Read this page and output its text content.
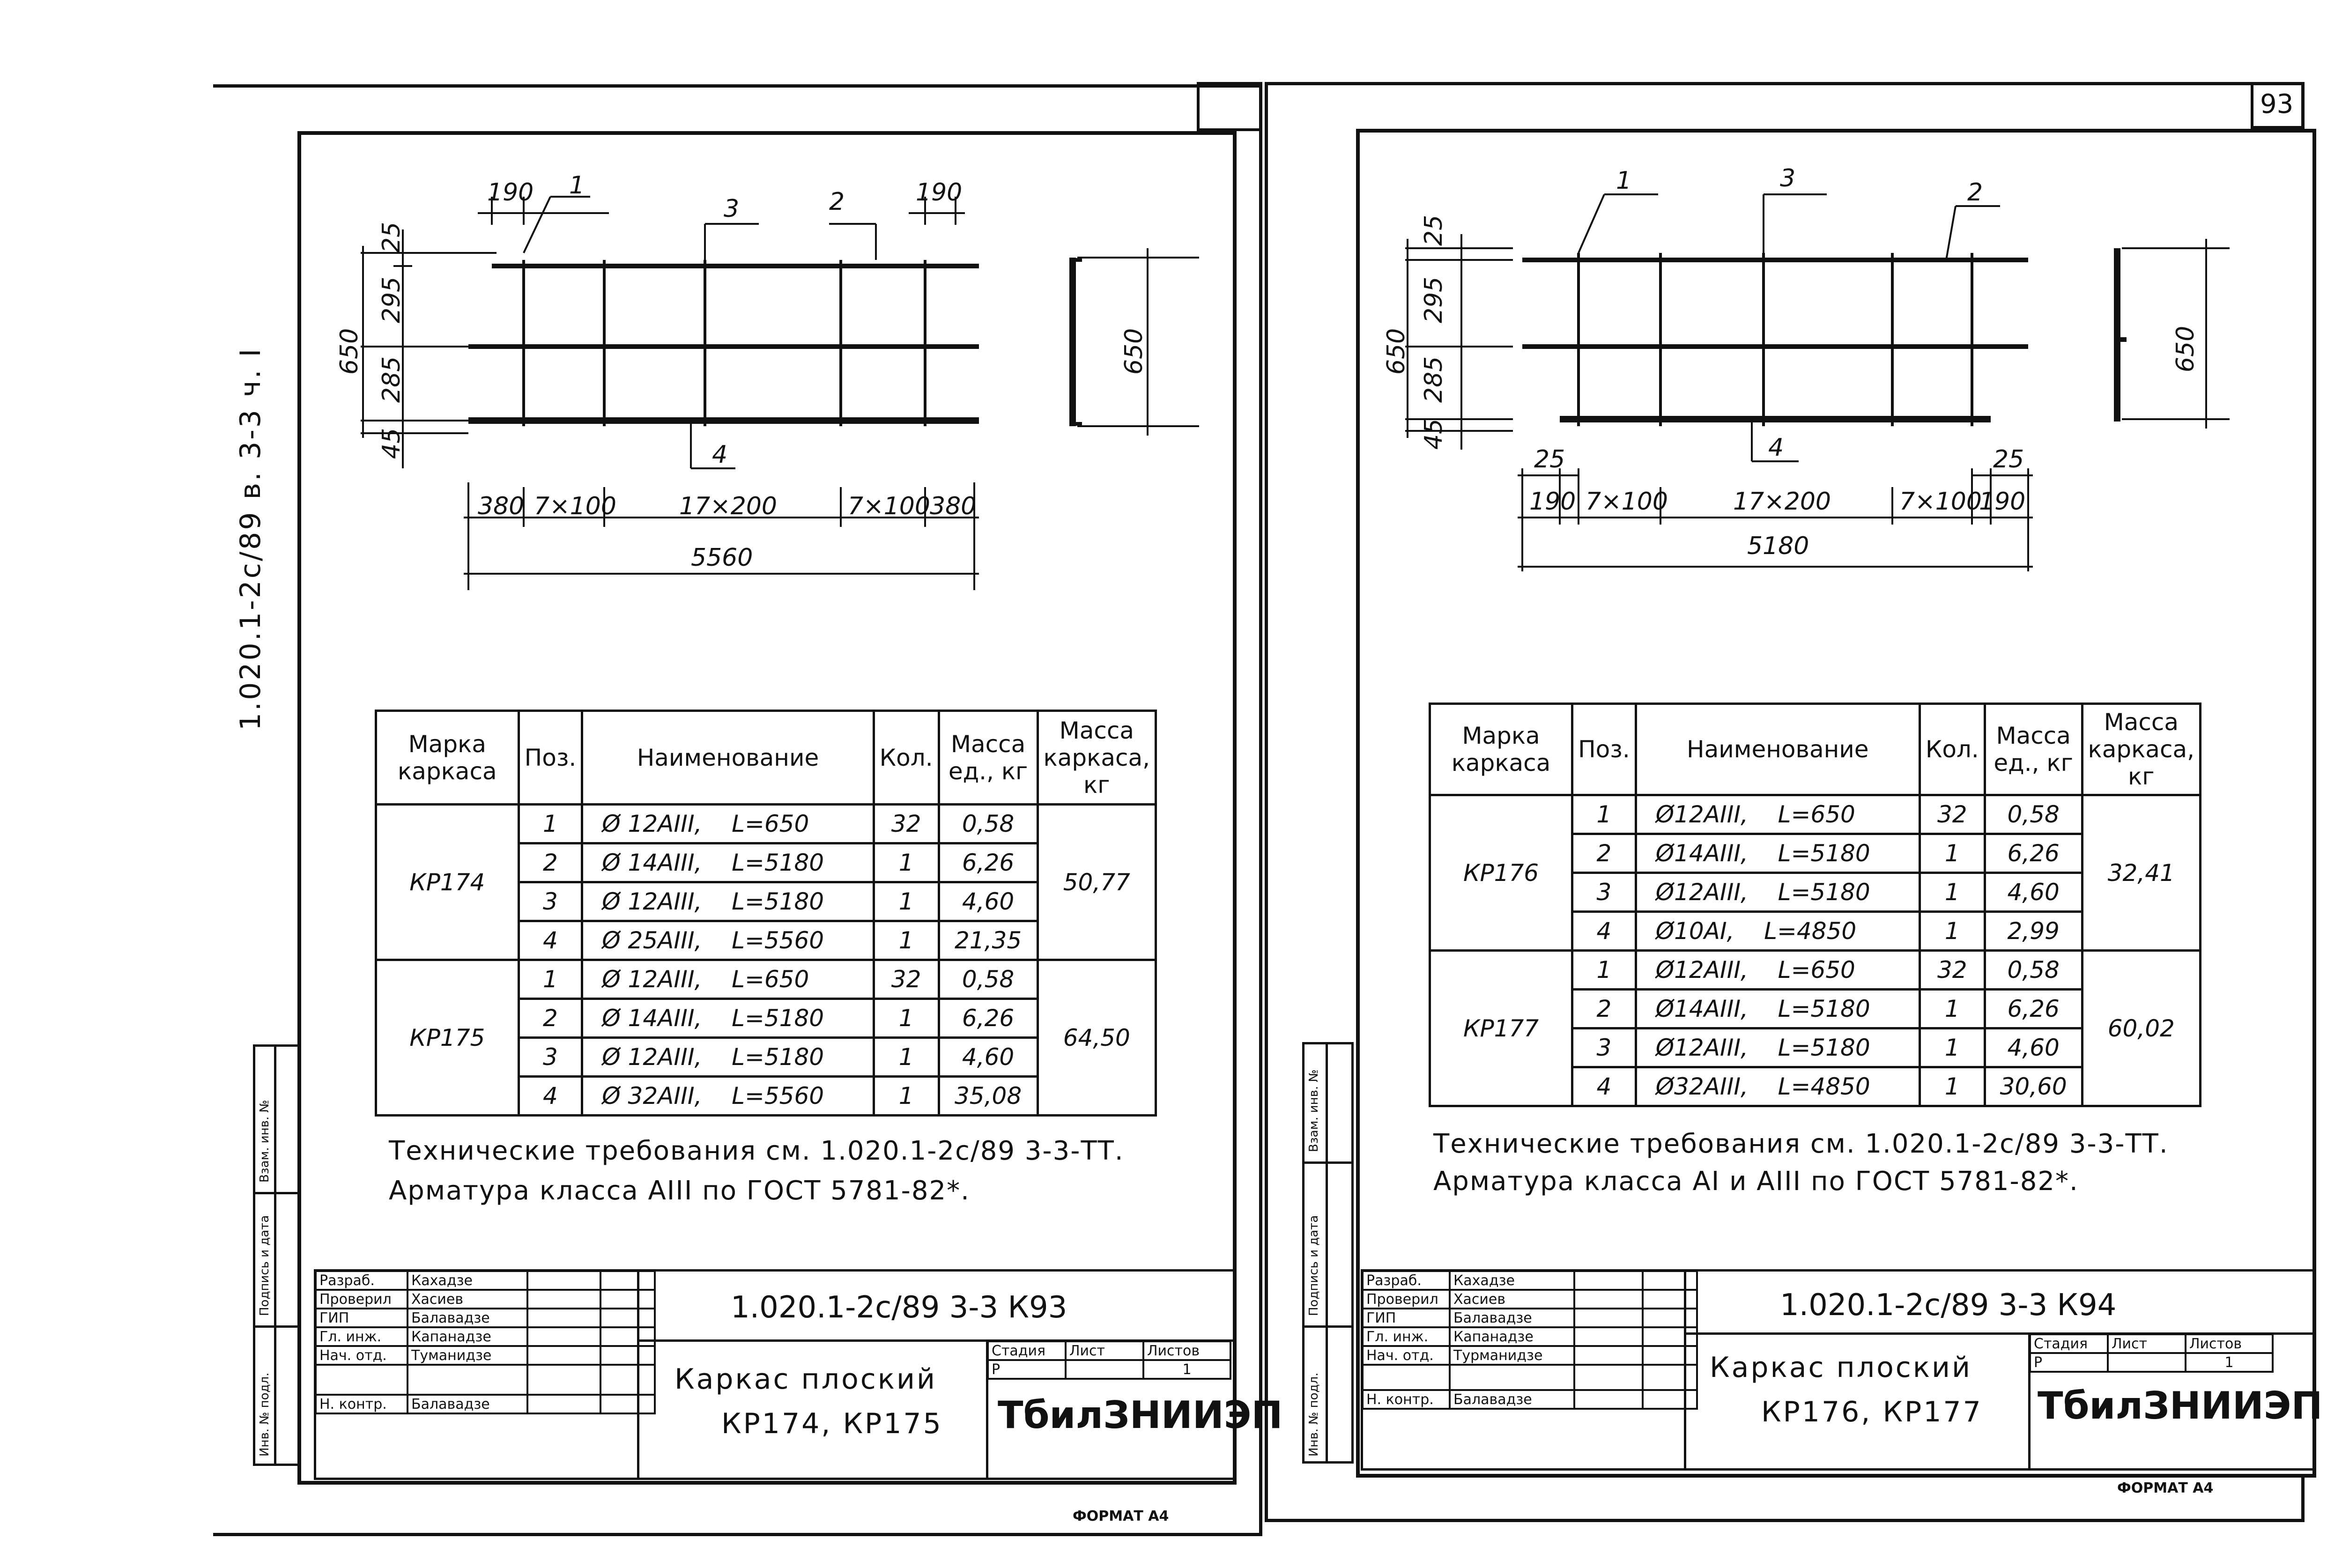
1.020.1-2c/89 в. 3-3 ч. I
190	190
1
3	2
4
25
295
285
45
650
380 7×100	17×200	7×100 380
5560
650
Марка каркаса	Поз.	Наименование	Кол.	Масса ед., кг	Масса каркаса, кг
КР174	1	Ø 12АIII, L=650	32	0,58	50,77
	2	Ø 14АIII, L=5180	1	6,26	
	3	Ø 12АIII, L=5180	1	4,60	
	4	Ø 25АIII, L=5560	1	21,35	
КР175	1	Ø 12АIII, L=650	32	0,58	64,50
	2	Ø 14АIII, L=5180	1	6,26	
	3	Ø 12АIII, L=5180	1	4,60	
	4	Ø 32АIII, L=5560	1	35,08	
Технические требования см. 1.020.1-2с/89 3-3-ТТ.
Арматура класса АIII по ГОСТ 5781-82*.
Инв. № подл.
Подпись и дата
Взам. инв. №
Разраб.	Кахадзе		
Проверил	Хасиев		
ГИП	Балавадзе		
Гл. инж.	Капанадзе		
Нач. отд.	Туманидзе		

Н. контр.	Балавадзе		
1.020.1-2с/89 3-3 К93
Каркас плоский
КР174, КР175
Стадия	Лист	Листов
Р		1
ТбилЗНИИЭП
ФОРМАТ А4
93
1	3	2
4
25
295
285
45
650
25	25
190 7×100	17×200	7×100
190
5180
650
Марка каркаса	Поз.	Наименование	Кол.	Масса ед., кг	Масса каркаса, кг
КР176	1	Ø12АIII, L=650	32	0,58	32,41
	2	Ø14АIII, L=5180	1	6,26	
	3	Ø12АIII, L=5180	1	4,60	
	4	Ø10АI, L=4850	1	2,99	
КР177	1	Ø12АIII, L=650	32	0,58	60,02
	2	Ø14АIII, L=5180	1	6,26	
	3	Ø12АIII, L=5180	1	4,60	
	4	Ø32АIII, L=4850	1	30,60	
Технические требования см. 1.020.1-2с/89 3-3-ТТ.
Арматура класса АI и АIII по ГОСТ 5781-82*.
Инв. № подл.
Подпись и дата
Взам. инв. №
Разраб.	Кахадзе		
Проверил	Хасиев		
ГИП	Балавадзе		
Гл. инж.	Капанадзе		
Нач. отд.	Турманидзе		

Н. контр.	Балавадзе		
1.020.1-2с/89 3-3 К94
Каркас плоский
КР176, КР177
Стадия	Лист	Листов
Р		1
ТбилЗНИИЭП
ФОРМАТ А4
